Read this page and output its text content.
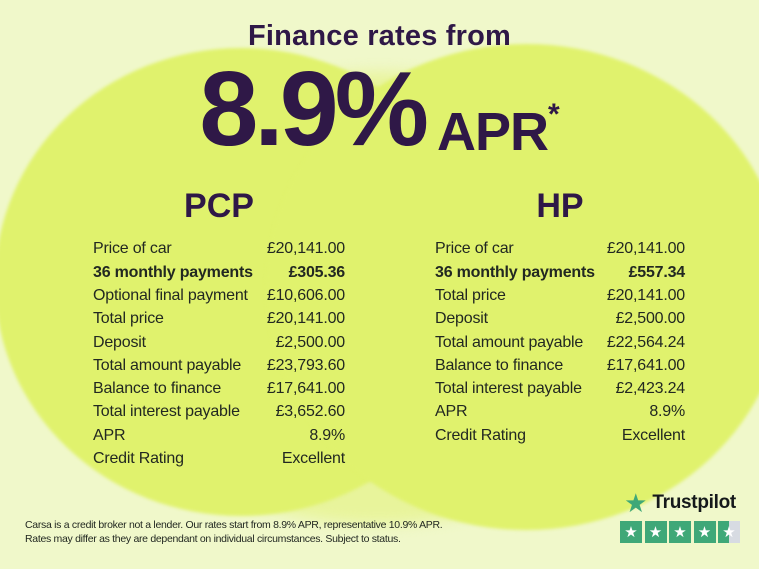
Finance rates from
8.9% APR *
PCP
Price of car	£20,141.00
36 monthly payments £305.36
Optional final payment £10,606.00
Total price	£20,141.00
Deposit	£2,500.00
Total amount payable £23,793.60
Balance to finance	£17,641.00
Total interest payable £3,652.60
APR	8.9%
Credit Rating	Excellent
HP
Price of car	£20,141.00
36 monthly payments £557.34
Total price	£20,141.00
Deposit	£2,500.00
Total amount payable £22,564.24
Balance to finance	£17,641.00
Total interest payable £2,423.24
APR	8.9%
Credit Rating	Excellent
Carsa is a credit broker not a lender. Our rates start from 8.9% APR, representative 10.9% APR.
Rates may differ as they are dependant on individual circumstances. Subject to status.
★ Trustpilot
★ ★ ★ ★ ★
